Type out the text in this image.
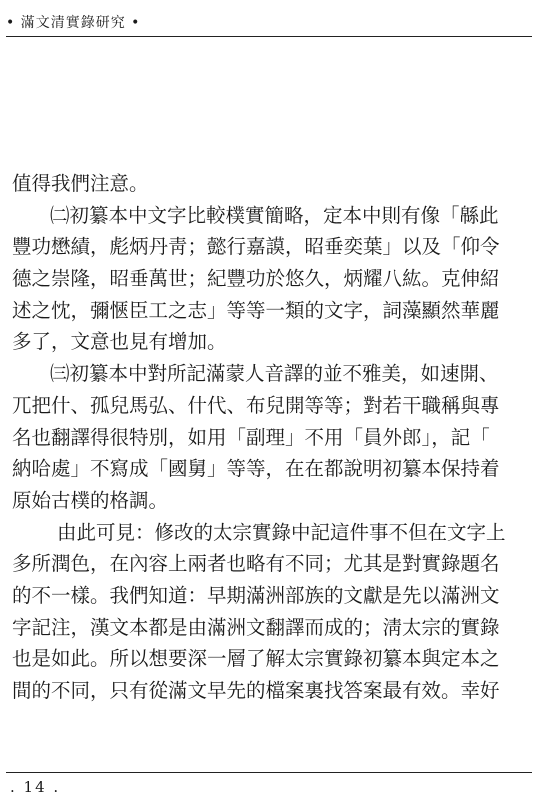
• 滿文清實錄研究 •
值得我們注意。
㈡初纂本中文字比較樸實簡略，定本中則有像「緜此
豐功懋績，彪炳丹靑；懿行嘉謨，昭垂奕葉」以及「仰令
德之崇隆，昭垂萬世；紀豐功於悠久，炳耀八紘。克伸紹
述之忱，彌愜臣工之志」等等一類的文字，詞藻顯然華麗
多了，文意也見有增加。
㈢初纂本中對所記滿蒙人音譯的並不雅美，如速開、
兀把什、孤兒馬弘、什代、布兒開等等；對若干職稱與專
名也翻譯得很特別，如用「副理」不用「員外郎」，記「
納哈處」不寫成「國舅」等等，在在都說明初纂本保持着
原始古樸的格調。
由此可見：修改的太宗實錄中記這件事不但在文字上
多所潤色，在內容上兩者也略有不同；尤其是對實錄題名
的不一樣。我們知道：早期滿洲部族的文獻是先以滿洲文
字記注，漢文本都是由滿洲文翻譯而成的；淸太宗的實錄
也是如此。所以想要深一層了解太宗實錄初纂本與定本之
間的不同，只有從滿文早先的檔案裏找答案最有效。幸好
. 14 .
